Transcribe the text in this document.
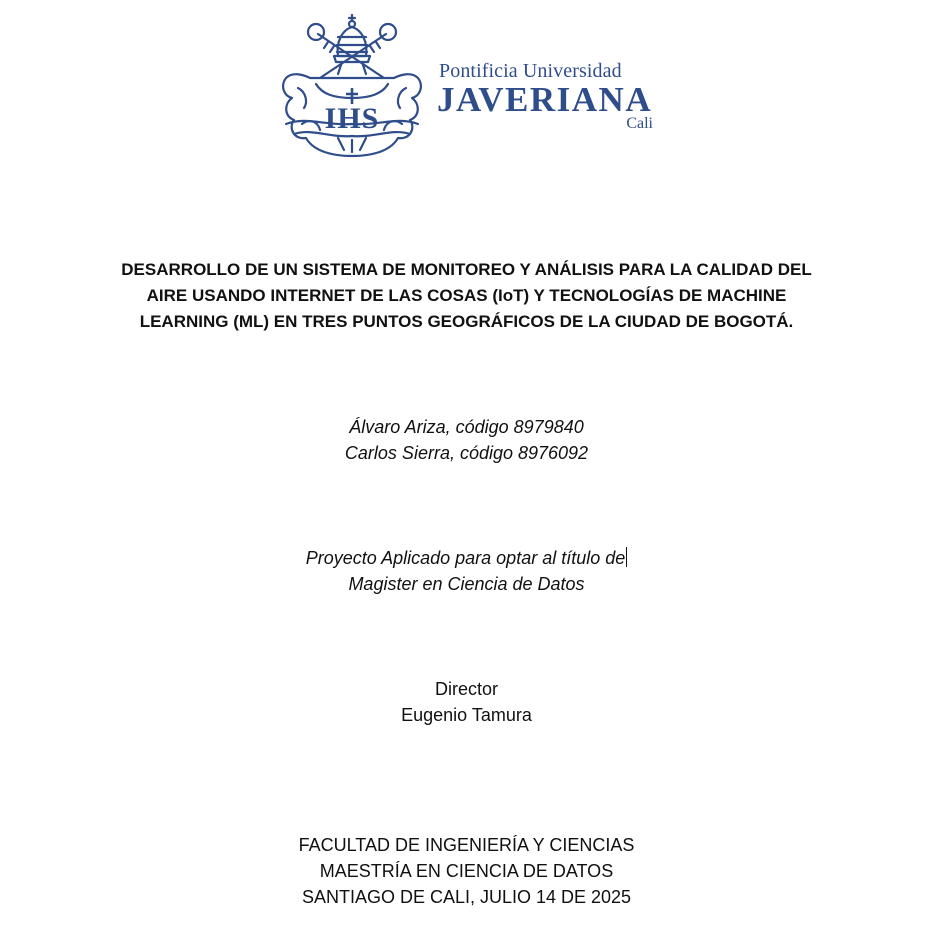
IHS
Pontificia Universidad
JAVERIANA
Cali
DESARROLLO DE UN SISTEMA DE MONITOREO Y ANÁLISIS PARA LA CALIDAD DEL
AIRE USANDO INTERNET DE LAS COSAS (IoT) Y TECNOLOGÍAS DE MACHINE
LEARNING (ML) EN TRES PUNTOS GEOGRÁFICOS DE LA CIUDAD DE BOGOTÁ.
Álvaro Ariza, código 8979840
Carlos Sierra, código 8976092
Proyecto Aplicado para optar al título de
Magister en Ciencia de Datos
Director
Eugenio Tamura
FACULTAD DE INGENIERÍA Y CIENCIAS
MAESTRÍA EN CIENCIA DE DATOS
SANTIAGO DE CALI, JULIO 14 DE 2025
